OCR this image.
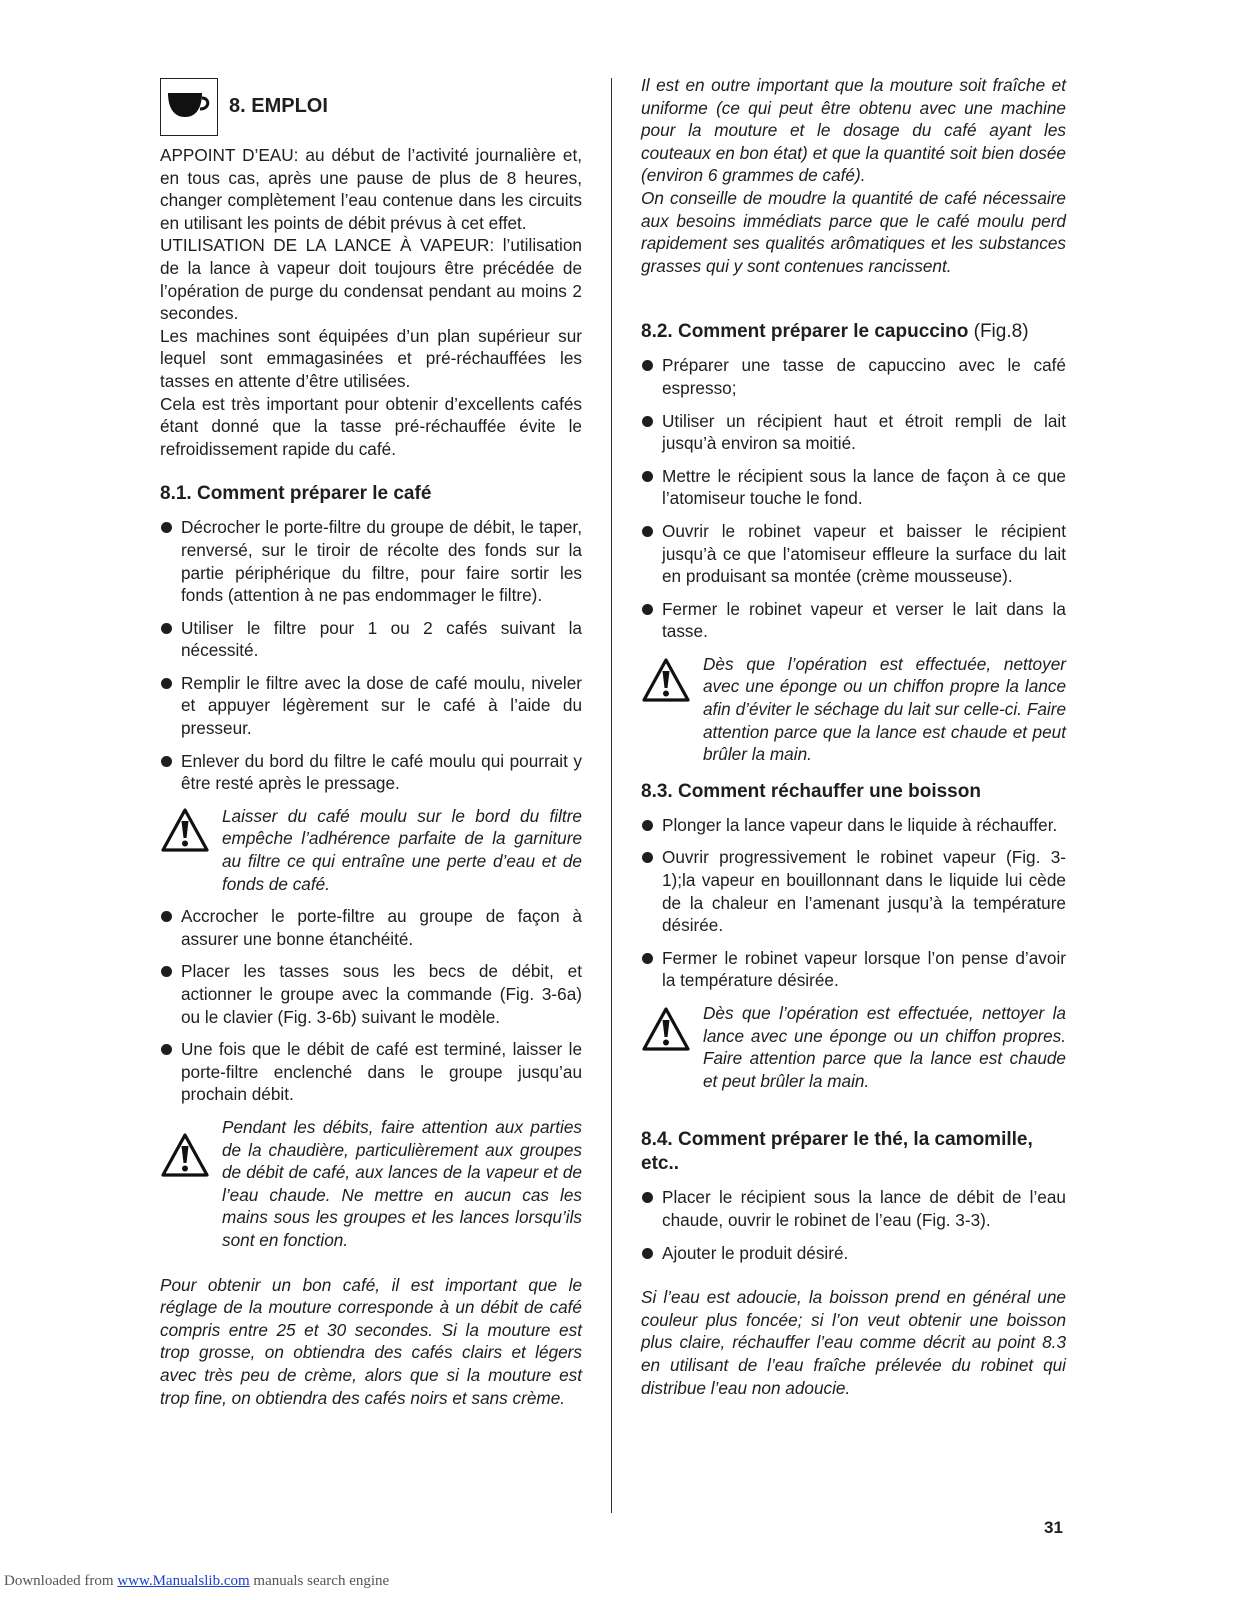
8. EMPLOI

APPOINT D’EAU: au début de l’activité journalière et, en tous cas, après une pause de plus de 8 heures, changer complètement l’eau contenue dans les circuits en utilisant les points de débit prévus à cet effet.

UTILISATION DE LA LANCE À VAPEUR: l’utilisation de la lance à vapeur doit toujours être précédée de l’opération de purge du condensat pendant au moins 2 secondes.

Les machines sont équipées d’un plan supérieur sur lequel sont emmagasinées et pré-réchauffées les tasses en attente d’être utilisées.

Cela est très important pour obtenir d’excellents cafés étant donné que la tasse pré-réchauffée évite le refroidissement rapide du café.

8.1. Comment préparer le café
Décrocher le porte-filtre du groupe de débit, le taper, renversé, sur le tiroir de récolte des fonds sur la partie périphérique du filtre, pour faire sortir les fonds (attention à ne pas endommager le filtre).
Utiliser le filtre pour 1 ou 2 cafés suivant la nécessité.
Remplir le filtre avec la dose de café moulu, niveler et appuyer légèrement sur le café à l’aide du presseur.
Enlever du bord du filtre le café moulu qui pourrait y être resté après le pressage.

Laisser du café moulu sur le bord du filtre empêche l’adhérence parfaite de la garniture au filtre ce qui entraîne une perte d’eau et de fonds de café.

Accrocher le porte-filtre au groupe de façon à assurer une bonne étanchéité.
Placer les tasses sous les becs de débit, et actionner le groupe avec la commande (Fig. 3-6a) ou le clavier (Fig. 3-6b) suivant le modèle.
Une fois que le débit de café est terminé, laisser le porte-filtre enclenché dans le groupe jusqu’au prochain débit.

Pendant les débits, faire attention aux parties de la chaudière, particulièrement aux groupes de débit de café, aux lances de la vapeur et de l’eau chaude. Ne mettre en aucun cas les mains sous les groupes et les lances lorsqu’ils sont en fonction.

Pour obtenir un bon café, il est important que le réglage de la mouture corresponde à un débit de café compris entre 25 et 30 secondes. Si la mouture est trop grosse, on obtiendra des cafés clairs et légers avec très peu de crème, alors que si la mouture est trop fine, on obtiendra des cafés noirs et sans crème.

Il est en outre important que la mouture soit fraîche et uniforme (ce qui peut être obtenu avec une machine pour la mouture et le dosage du café ayant les couteaux en bon état) et que la quantité soit bien dosée (environ 6 grammes de café).

On conseille de moudre la quantité de café nécessaire aux besoins immédiats parce que le café moulu perd rapidement ses qualités arômatiques et les substances grasses qui y sont contenues rancissent.

8.2. Comment préparer le capuccino (Fig.8)
Préparer une tasse de capuccino avec le café espresso;
Utiliser un récipient haut et étroit rempli de lait jusqu’à environ sa moitié.
Mettre le récipient sous la lance de façon à ce que l’atomiseur touche le fond.
Ouvrir le robinet vapeur et baisser le récipient jusqu’à ce que l’atomiseur effleure la surface du lait en produisant sa montée (crème mousseuse).
Fermer le robinet vapeur et verser le lait dans la tasse.

Dès que l’opération est effectuée, nettoyer avec une éponge ou un chiffon propre la lance afin d’éviter le séchage du lait sur celle-ci. Faire attention parce que la lance est chaude et peut brûler la main.

8.3. Comment réchauffer une boisson
Plonger la lance vapeur dans le liquide à réchauffer.
Ouvrir progressivement le robinet vapeur (Fig. 3-1);la vapeur en bouillonnant dans le liquide lui cède de la chaleur en l’amenant jusqu’à la température désirée.
Fermer le robinet vapeur lorsque l’on pense d’avoir la température désirée.

Dès que l’opération est effectuée, nettoyer la lance avec une éponge ou un chiffon propres. Faire attention parce que la lance est chaude et peut brûler la main.

8.4. Comment préparer le thé, la camomille, etc..
Placer le récipient sous la lance de débit de l’eau chaude, ouvrir le robinet de l’eau (Fig. 3-3).
Ajouter le produit désiré.

Si l’eau est adoucie, la boisson prend en général une couleur plus foncée; si l’on veut obtenir une boisson plus claire, réchauffer l’eau comme décrit au point 8.3 en utilisant de l’eau fraîche prélevée du robinet qui distribue l’eau non adoucie.

31

Downloaded from www.Manualslib.com manuals search engine
